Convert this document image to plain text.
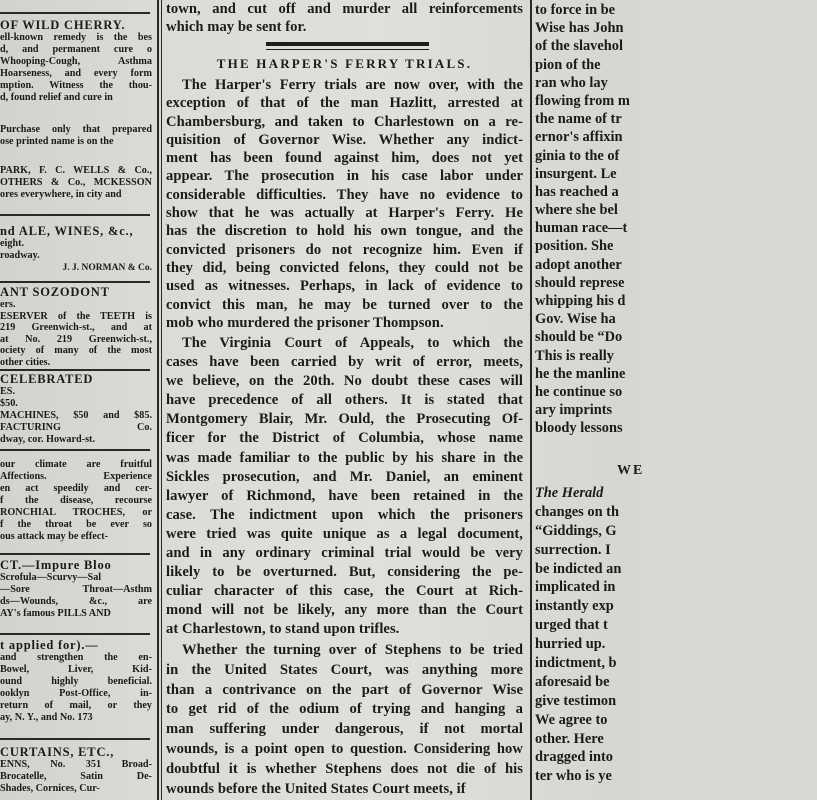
OF WILD CHERRY.
ell-known remedy is the bes
d, and permanent cure o
Whooping-Cough, Asthma
Hoarseness, and every form
mption. Witness the thou-
d, found relief and cure in
Purchase only that prepared
ose printed name is on the
PARK, F. C. WELLS & Co.,
OTHERS & Co., MCKESSON
ores everywhere, in city and
nd ALE, WINES, &c.,
eight.
roadway.
J. J. NORMAN & Co.
ANT SOZODONT
ers.
ESERVER of the TEETH is
219 Greenwich-st., and at
at No. 219 Greenwich-st.,
ociety of many of the most
other cities.
CELEBRATED
ES.
$50.
MACHINES, $50 and $85.
FACTURING Co.
dway, cor. Howard-st.
our climate are fruitful
Affections. Experience
en act speedily and cer-
f the disease, recourse
RONCHIAL TROCHES, or
f the throat be ever so
ous attack may be effect-
CT.—Impure Bloo
Scrofula—Scurvy—Sal
—Sore Throat—Asthm
ds—Wounds, &c., are
AY's famous PILLS AND
t applied for).—
and strengthen the en-
Bowel, Liver, Kid-
ound highly beneficial.
ooklyn Post-Office, in-
return of mail, or they
ay, N. Y., and No. 173
CURTAINS, ETC.,
ENNS, No. 351 Broad-
Brocatelle, Satin De-
Shades, Cornices, Cur-
town, and cut off and murder all reinforcements
which may be sent for.
THE HARPER'S FERRY TRIALS.
The Harper's Ferry trials are now over, with the
exception of that of the man Hazlitt, arrested at
Chambersburg, and taken to Charlestown on a re-
quisition of Governor Wise. Whether any indict-
ment has been found against him, does not yet
appear. The prosecution in his case labor under
considerable difficulties. They have no evidence to
show that he was actually at Harper's Ferry. He
has the discretion to hold his own tongue, and the
convicted prisoners do not recognize him. Even if
they did, being convicted felons, they could not be
used as witnesses. Perhaps, in lack of evidence to
convict this man, he may be turned over to the
mob who murdered the prisoner Thompson.
The Virginia Court of Appeals, to which the
cases have been carried by writ of error, meets,
we believe, on the 20th. No doubt these cases will
have precedence of all others. It is stated that
Montgomery Blair, Mr. Ould, the Prosecuting Of-
ficer for the District of Columbia, whose name
was made familiar to the public by his share in the
Sickles prosecution, and Mr. Daniel, an eminent
lawyer of Richmond, have been retained in the
case. The indictment upon which the prisoners
were tried was quite unique as a legal document,
and in any ordinary criminal trial would be very
likely to be overturned. But, considering the pe-
culiar character of this case, the Court at Rich-
mond will not be likely, any more than the Court
at Charlestown, to stand upon trifles.
Whether the turning over of Stephens to be tried
in the United States Court, was anything more
than a contrivance on the part of Governor Wise
to get rid of the odium of trying and hanging a
man suffering under dangerous, if not mortal
wounds, is a point open to question. Considering how
doubtful it is whether Stephens does not die of his
wounds before the United States Court meets, if
to force in be
Wise has John
of the slavehol
pion of the
ran who lay
flowing from m
the name of tr
ernor's affixin
ginia to the of
insurgent. Le
has reached a
where she bel
human race—t
position. She
adopt another
should represe
whipping his d
Gov. Wise ha
should be “Do
This is really
he the manline
he continue so
ary imprints
bloody lessons
WE
The Herald
changes on th
“Giddings, G
surrection. I
be indicted an
implicated in
instantly exp
urged that t
hurried up.
indictment, b
aforesaid be
give testimon
We agree to
other. Here
dragged into
ter who is ye
